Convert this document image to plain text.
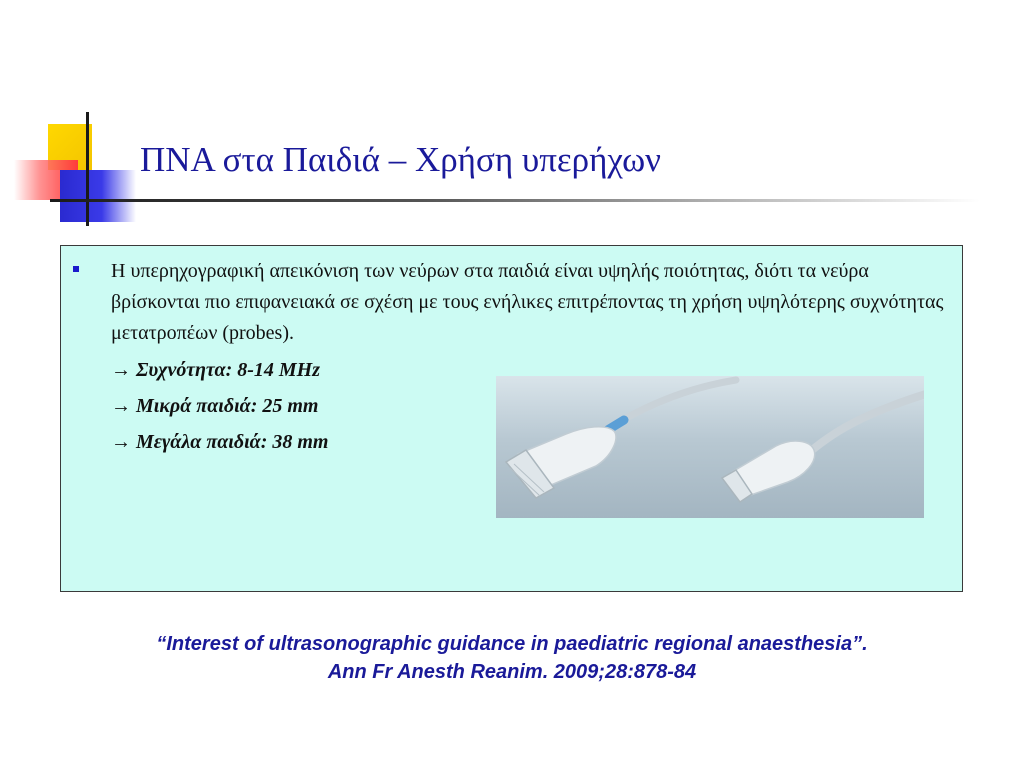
ΠΝΑ στα Παιδιά – Χρήση υπερήχων

Η υπερηχογραφική απεικόνιση των νεύρων στα παιδιά είναι υψηλής ποιότητας, διότι τα νεύρα βρίσκονται πιο επιφανειακά σε σχέση με τους ενήλικες επιτρέποντας τη χρήση υψηλότερης συχνότητας μετατροπέων (probes).

→ Συχνότητα: 8-14 MHz

→ Μικρά παιδιά: 25 mm

→ Μεγάλα παιδιά: 38 mm

“Interest of ultrasonographic guidance in paediatric regional anaesthesia”.
Ann Fr Anesth Reanim. 2009;28:878-84
